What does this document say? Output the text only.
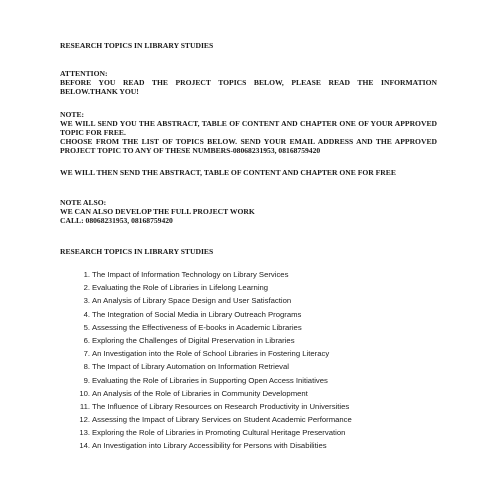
RESEARCH TOPICS IN LIBRARY STUDIES

ATTENTION:

BEFORE YOU READ THE PROJECT TOPICS BELOW, PLEASE READ THE INFORMATION BELOW.THANK YOU!

NOTE:

WE WILL SEND YOU THE ABSTRACT, TABLE OF CONTENT AND CHAPTER ONE OF YOUR APPROVED TOPIC FOR FREE.

CHOOSE FROM THE LIST OF TOPICS BELOW. SEND YOUR EMAIL ADDRESS AND THE APPROVED PROJECT TOPIC TO ANY OF THESE NUMBERS-08068231953, 08168759420

WE WILL THEN SEND THE ABSTRACT, TABLE OF CONTENT AND CHAPTER ONE FOR FREE

NOTE ALSO:

WE CAN ALSO DEVELOP THE FULL PROJECT WORK

CALL: 08068231953, 08168759420

RESEARCH TOPICS IN LIBRARY STUDIES
1. The Impact of Information Technology on Library Services
2. Evaluating the Role of Libraries in Lifelong Learning
3. An Analysis of Library Space Design and User Satisfaction
4. The Integration of Social Media in Library Outreach Programs
5. Assessing the Effectiveness of E-books in Academic Libraries
6. Exploring the Challenges of Digital Preservation in Libraries
7. An Investigation into the Role of School Libraries in Fostering Literacy
8. The Impact of Library Automation on Information Retrieval
9. Evaluating the Role of Libraries in Supporting Open Access Initiatives
10. An Analysis of the Role of Libraries in Community Development
11. The Influence of Library Resources on Research Productivity in Universities
12. Assessing the Impact of Library Services on Student Academic Performance
13. Exploring the Role of Libraries in Promoting Cultural Heritage Preservation
14. An Investigation into Library Accessibility for Persons with Disabilities
